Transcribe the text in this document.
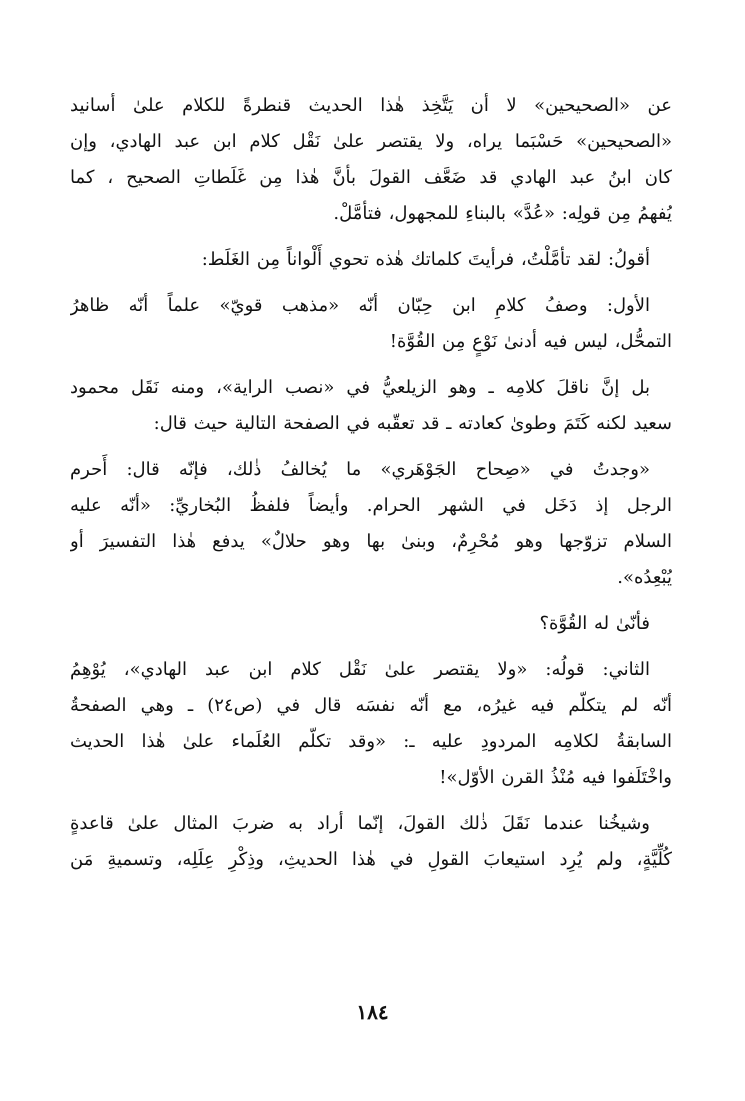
عن «الصحيحين» لا أن يَتَّخِذ هٰذا الحديث قنطرةً للكلام علىٰ أسانيد
«الصحيحين» حَسْبَما يراه، ولا يقتصر علىٰ نَقْل كلام ابن عبد الهادي، وإن
كان ابنُ عبد الهادي قد ضَعَّف القولَ بأنَّ هٰذا مِن غَلَطاتِ الصحيح ، كما
يُفهمُ مِن قولِه: «عُدَّ» بالبناءِ للمجهول، فتأمَّلْ.
أقولُ: لقد تأمَّلْتُ، فرأيتَ كلماتك هٰذه تحوي أَلْواناً مِن الغَلَط:
الأول: وصفُ كلامِ ابن حِبّان أنّه «مذهب قويّ» علماً أنّه ظاهرُ
التمحُّل، ليس فيه أدنىٰ نَوْعٍ مِن القُوَّة!
بل إنَّ ناقلَ كلامِه ـ وهو الزيلعيُّ في «نصب الراية»، ومنه نَقَل محمود
سعيد لكنه كَتَمَ وطوىٰ كعادته ـ قد تعقّبه في الصفحة التالية حيث قال:
«وجدتُ في «صِحاح الجَوْهَري» ما يُخالفُ ذٰلك، فإنّه قال: أَحرم
الرجل إذ دَخَل في الشهر الحرام. وأيضاً فلفظُ البُخاريِّ: «أنّه عليه
السلام تزوّجها وهو مُحْرِمٌ، وبنىٰ بها وهو حلالٌ» يدفع هٰذا التفسيرَ أو
يُبْعِدُه».
فأنّىٰ له القُوَّة؟
الثاني: قولُه: «ولا يقتصر علىٰ نَقْل كلام ابن عبد الهادي»، يُوْهِمُ
أنّه لم يتكلّم فيه غيرُه، مع أنّه نفسَه قال في (ص٢٤) ـ وهي الصفحةُ
السابقةُ لكلامِه المردودِ عليه ـ: «وقد تكلّم العُلَماء علىٰ هٰذا الحديث
واخْتَلَفوا فيه مُنْذُ القرن الأوّل»!
وشيخُنا عندما نَقَلَ ذٰلك القولَ، إنّما أراد به ضربَ المثال علىٰ قاعدةٍ
كُلِّيَّةٍ، ولم يُرِد استيعابَ القولِ في هٰذا الحديثِ، وذِكْرِ عِلَلِه، وتسميةِ مَن
١٨٤
